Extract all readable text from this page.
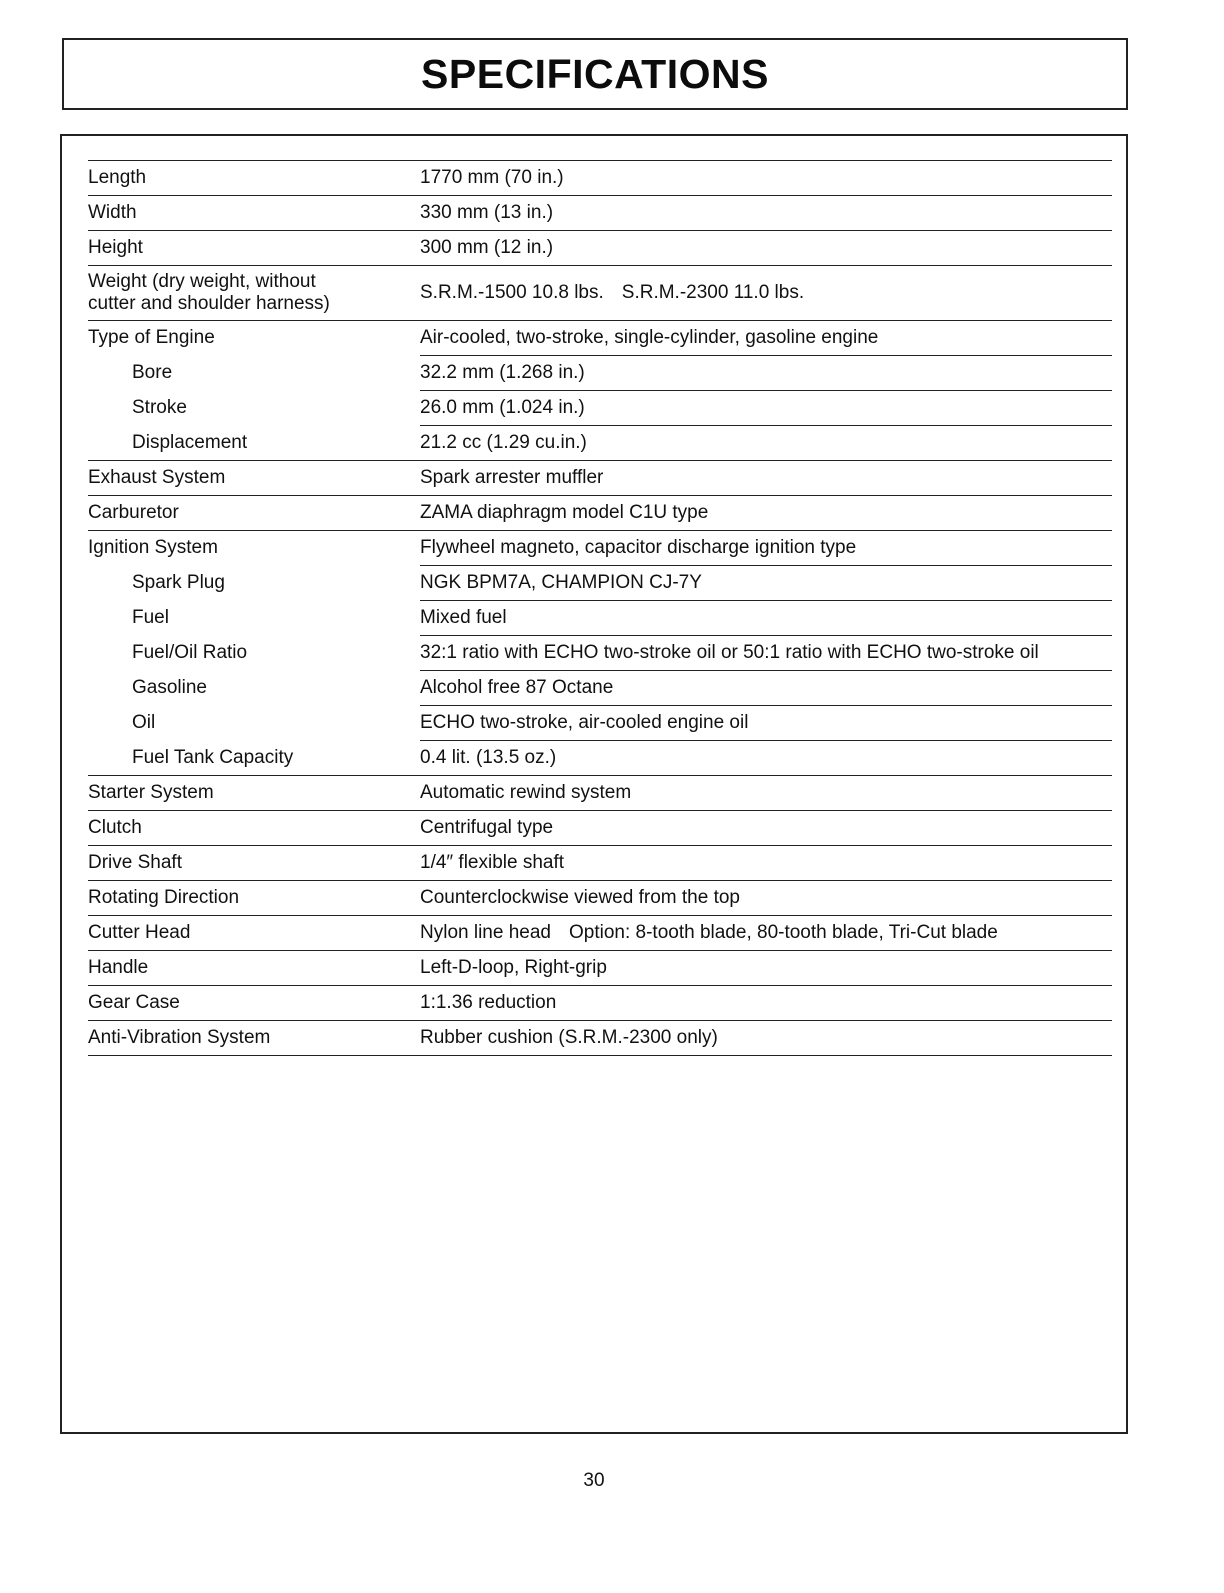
SPECIFICATIONS
Length	1770 mm (70 in.)
Width	330 mm (13 in.)
Height	300 mm (12 in.)
Weight (dry weight, without
cutter and shoulder harness)	S.R.M.-1500 10.8 lbs. S.R.M.-2300 11.0 lbs.
Type of Engine	Air-cooled, two-stroke, single-cylinder, gasoline engine
Bore	32.2 mm (1.268 in.)
Stroke	26.0 mm (1.024 in.)
Displacement	21.2 cc (1.29 cu.in.)
Exhaust System	Spark arrester muffler
Carburetor	ZAMA diaphragm model C1U type
Ignition System	Flywheel magneto, capacitor discharge ignition type
Spark Plug	NGK BPM7A, CHAMPION CJ-7Y
Fuel	Mixed fuel
Fuel/Oil Ratio	32:1 ratio with ECHO two-stroke oil or 50:1 ratio with ECHO two-stroke oil
Gasoline	Alcohol free 87 Octane
Oil	ECHO two-stroke, air-cooled engine oil
Fuel Tank Capacity	0.4 lit. (13.5 oz.)
Starter System	Automatic rewind system
Clutch	Centrifugal type
Drive Shaft	1/4″ flexible shaft
Rotating Direction	Counterclockwise viewed from the top
Cutter Head	Nylon line head Option: 8-tooth blade, 80-tooth blade, Tri-Cut blade
Handle	Left-D-loop, Right-grip
Gear Case	1:1.36 reduction
Anti-Vibration System	Rubber cushion (S.R.M.-2300 only)
30
